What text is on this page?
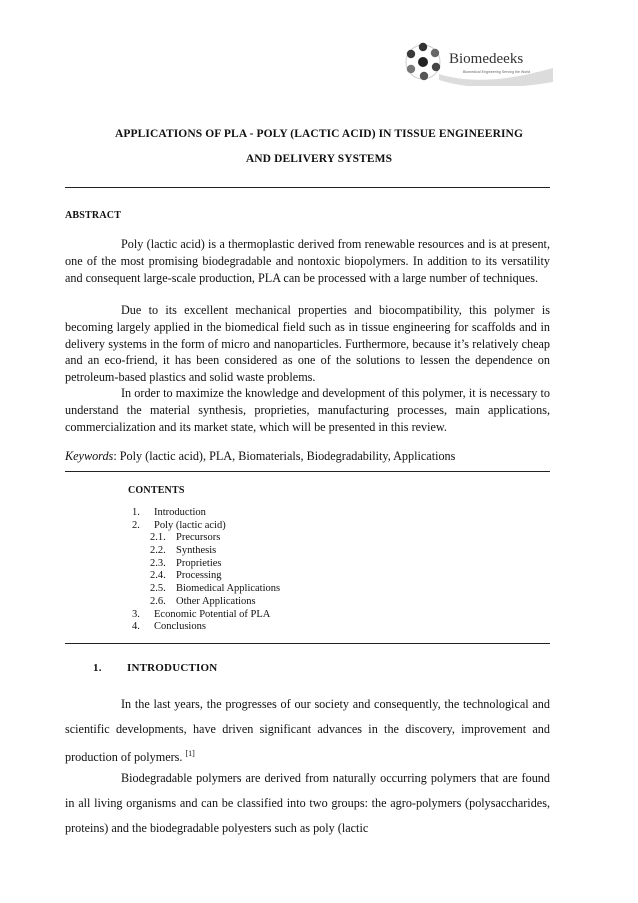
Biomedeeks
Biomedical Engineering Serving the World
APPLICATIONS OF PLA - POLY (LACTIC ACID) IN TISSUE ENGINEERING
AND DELIVERY SYSTEMS
ABSTRACT
Poly (lactic acid) is a thermoplastic derived from renewable resources and is at present, one of the most promising biodegradable and nontoxic biopolymers. In addition to its versatility and consequent large-scale production, PLA can be processed with a large number of techniques.
Due to its excellent mechanical properties and biocompatibility, this polymer is becoming largely applied in the biomedical field such as in tissue engineering for scaffolds and in delivery systems in the form of micro and nanoparticles. Furthermore, because it’s relatively cheap and an eco-friend, it has been considered as one of the solutions to lessen the dependence on petroleum-based plastics and solid waste problems.
In order to maximize the knowledge and development of this polymer, it is necessary to understand the material synthesis, proprieties, manufacturing processes, main applications, commercialization and its market state, which will be presented in this review.
Keywords: Poly (lactic acid), PLA, Biomaterials, Biodegradability, Applications
CONTENTS
1. Introduction
2. Poly (lactic acid)
2.1. Precursors
2.2. Synthesis
2.3. Proprieties
2.4. Processing
2.5. Biomedical Applications
2.6. Other Applications
3. Economic Potential of PLA
4. Conclusions
1. INTRODUCTION
In the last years, the progresses of our society and consequently, the technological and scientific developments, have driven significant advances in the discovery, improvement and production of polymers. [1]
Biodegradable polymers are derived from naturally occurring polymers that are found in all living organisms and can be classified into two groups: the agro-polymers (polysaccharides, proteins) and the biodegradable polyesters such as poly (lactic
